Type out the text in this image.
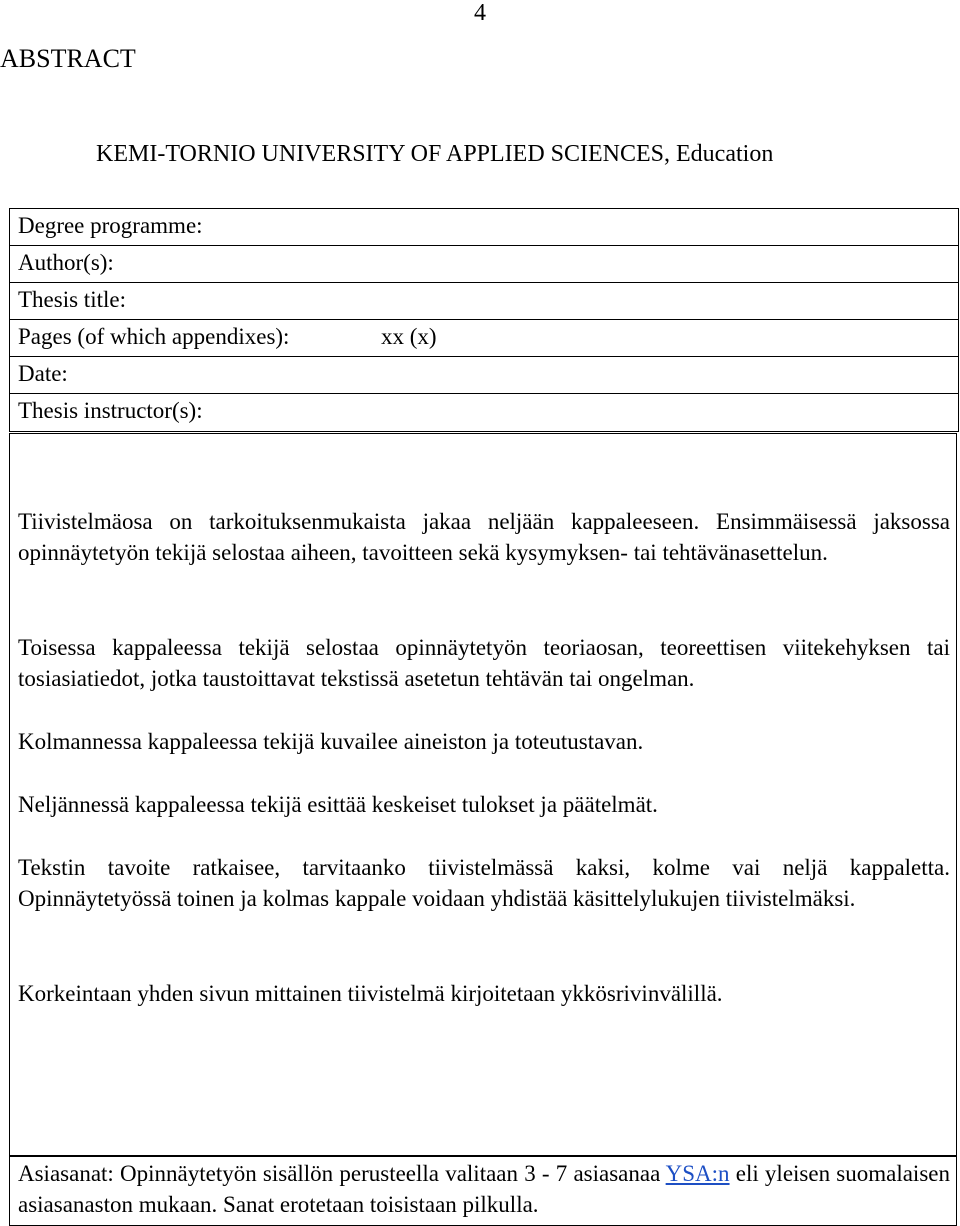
4
ABSTRACT
KEMI-TORNIO UNIVERSITY OF APPLIED SCIENCES, Education
Degree programme:
Author(s):
Thesis title:
Pages (of which appendixes):	xx (x)
Date:
Thesis instructor(s):

Tiivistelmäosa on tarkoituksenmukaista jakaa neljään kappaleeseen. Ensimmäisessä jaksossa opinnäytetyön tekijä selostaa aiheen, tavoitteen sekä kysymyksen- tai tehtävänasettelun.

Toisessa kappaleessa tekijä selostaa opinnäytetyön teoriaosan, teoreettisen viitekehyksen tai tosiasiatiedot, jotka taustoittavat tekstissä asetetun tehtävän tai ongelman.

Kolmannessa kappaleessa tekijä kuvailee aineiston ja toteutustavan.

Neljännessä kappaleessa tekijä esittää keskeiset tulokset ja päätelmät.

Tekstin tavoite ratkaisee, tarvitaanko tiivistelmässä kaksi, kolme vai neljä kappaletta. Opinnäytetyössä toinen ja kolmas kappale voidaan yhdistää käsittelylukujen tiivistelmäksi.

Korkeintaan yhden sivun mittainen tiivistelmä kirjoitetaan ykkösrivinvälillä.

Asiasanat: Opinnäytetyön sisällön perusteella valitaan 3 - 7 asiasanaa YSA:n eli yleisen suomalaisen asiasanaston mukaan. Sanat erotetaan toisistaan pilkulla.
